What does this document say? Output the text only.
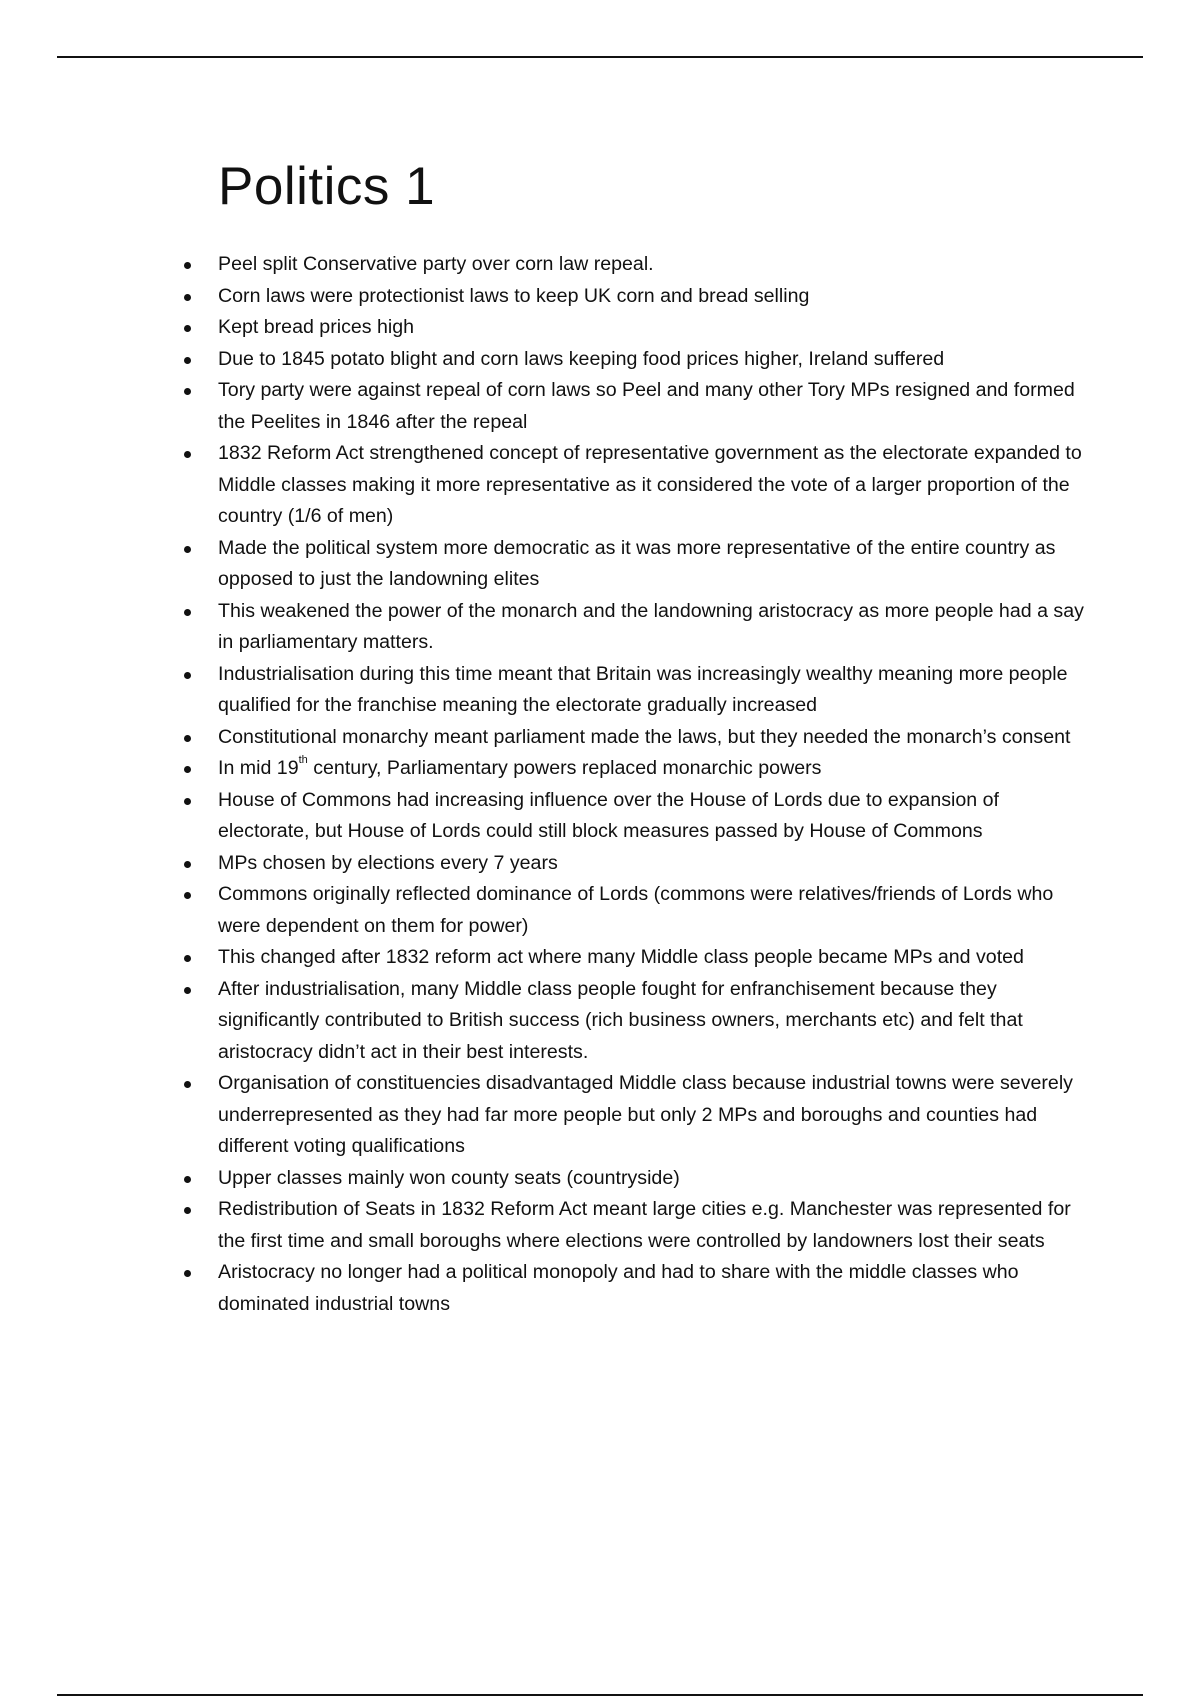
Politics 1
Peel split Conservative party over corn law repeal.
Corn laws were protectionist laws to keep UK corn and bread selling
Kept bread prices high
Due to 1845 potato blight and corn laws keeping food prices higher, Ireland suffered
Tory party were against repeal of corn laws so Peel and many other Tory MPs resigned and formed the Peelites in 1846 after the repeal
1832 Reform Act strengthened concept of representative government as the electorate expanded to Middle classes making it more representative as it considered the vote of a larger proportion of the country (1/6 of men)
Made the political system more democratic as it was more representative of the entire country as opposed to just the landowning elites
This weakened the power of the monarch and the landowning aristocracy as more people had a say in parliamentary matters.
Industrialisation during this time meant that Britain was increasingly wealthy meaning more people qualified for the franchise meaning the electorate gradually increased
Constitutional monarchy meant parliament made the laws, but they needed the monarch’s consent
In mid 19th century, Parliamentary powers replaced monarchic powers
House of Commons had increasing influence over the House of Lords due to expansion of electorate, but House of Lords could still block measures passed by House of Commons
MPs chosen by elections every 7 years
Commons originally reflected dominance of Lords (commons were relatives/friends of Lords who were dependent on them for power)
This changed after 1832 reform act where many Middle class people became MPs and voted
After industrialisation, many Middle class people fought for enfranchisement because they significantly contributed to British success (rich business owners, merchants etc) and felt that aristocracy didn’t act in their best interests.
Organisation of constituencies disadvantaged Middle class because industrial towns were severely underrepresented as they had far more people but only 2 MPs and boroughs and counties had different voting qualifications
Upper classes mainly won county seats (countryside)
Redistribution of Seats in 1832 Reform Act meant large cities e.g. Manchester was represented for the first time and small boroughs where elections were controlled by landowners lost their seats
Aristocracy no longer had a political monopoly and had to share with the middle classes who dominated industrial towns
